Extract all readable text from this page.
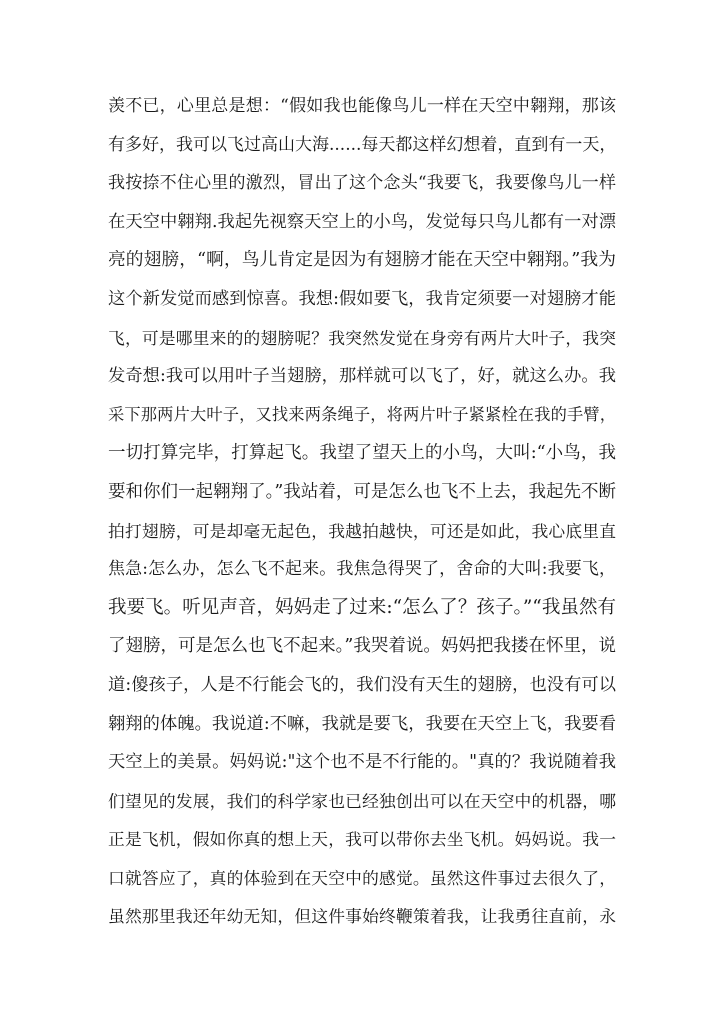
羡不已，心里总是想：“假如我也能像鸟儿一样在天空中翱翔，那该
有多好，我可以飞过高山大海......每天都这样幻想着，直到有一天，
我按捺不住心里的激烈，冒出了这个念头“我要飞，我要像鸟儿一样
在天空中翱翔.我起先视察天空上的小鸟，发觉每只鸟儿都有一对漂
亮的翅膀，“啊，鸟儿肯定是因为有翅膀才能在天空中翱翔。”我为
这个新发觉而感到惊喜。我想:假如要飞，我肯定须要一对翅膀才能
飞，可是哪里来的的翅膀呢？我突然发觉在身旁有两片大叶子，我突
发奇想:我可以用叶子当翅膀，那样就可以飞了，好，就这么办。我
采下那两片大叶子，又找来两条绳子，将两片叶子紧紧栓在我的手臂，
一切打算完毕，打算起飞。我望了望天上的小鸟，大叫:“小鸟，我
要和你们一起翱翔了。”我站着，可是怎么也飞不上去，我起先不断
拍打翅膀，可是却毫无起色，我越拍越快，可还是如此，我心底里直
焦急:怎么办，怎么飞不起来。我焦急得哭了，舍命的大叫:我要飞，
我要飞。听见声音，妈妈走了过来:“怎么了？孩子。”“我虽然有
了翅膀，可是怎么也飞不起来。”我哭着说。妈妈把我搂在怀里，说
道:傻孩子，人是不行能会飞的，我们没有天生的翅膀，也没有可以
翱翔的体魄。我说道:不嘛，我就是要飞，我要在天空上飞，我要看
天空上的美景。妈妈说:"这个也不是不行能的。"真的？我说随着我
们望见的发展，我们的科学家也已经独创出可以在天空中的机器，哪
正是飞机，假如你真的想上天，我可以带你去坐飞机。妈妈说。我一
口就答应了，真的体验到在天空中的感觉。虽然这件事过去很久了，
虽然那里我还年幼无知，但这件事始终鞭策着我，让我勇往直前，永
